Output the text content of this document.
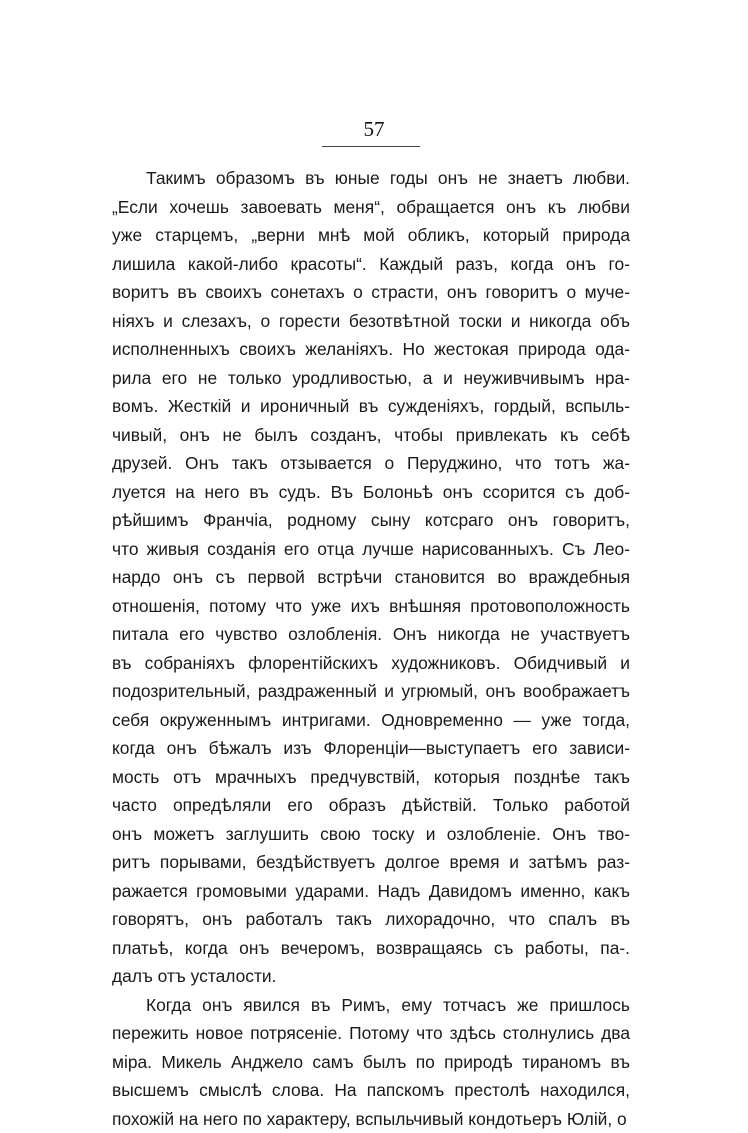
57
Такимъ образомъ въ юные годы онъ не знаетъ любви.
„Если хочешь завоевать меня“, обращается онъ къ любви
уже старцемъ, „верни мнѣ мой обликъ, который природа
лишила какой-либо красоты“. Каждый разъ, когда онъ го-
воритъ въ своихъ сонетахъ о страсти, онъ говоритъ о муче-
ніяхъ и слезахъ, о горести безотвѣтной тоски и никогда объ
исполненныхъ своихъ желаніяхъ. Но жестокая природа ода-
рила его не только уродливостью, а и неуживчивымъ нра-
вомъ. Жесткій и ироничный въ сужденіяхъ, гордый, вспыль-
чивый, онъ не былъ созданъ, чтобы привлекать къ себѣ
друзей. Онъ такъ отзывается о Перуджино, что тотъ жа-
луется на него въ судъ. Въ Болоньѣ онъ ссорится съ доб-
рѣйшимъ Франчіа, родному сыну котсраго онъ говоритъ,
что живыя созданія его отца лучше нарисованныхъ. Съ Лео-
нардо онъ съ первой встрѣчи становится во враждебныя
отношенія, потому что уже ихъ внѣшняя протовоположность
питала его чувство озлобленія. Онъ никогда не участвуетъ
въ собраніяхъ флорентійскихъ художниковъ. Обидчивый и
подозрительный, раздраженный и угрюмый, онъ воображаетъ
себя окруженнымъ интригами. Одновременно — уже тогда,
когда онъ бѣжалъ изъ Флоренціи—выступаетъ его зависи-
мость отъ мрачныхъ предчувствій, которыя позднѣе такъ
часто опредѣляли его образъ дѣйствій. Только работой
онъ можетъ заглушить свою тоску и озлобленіе. Онъ тво-
ритъ порывами, бездѣйствуетъ долгое время и затѣмъ раз-
ражается громовыми ударами. Надъ Давидомъ именно, какъ
говорятъ, онъ работалъ такъ лихорадочно, что спалъ въ
платьѣ, когда онъ вечеромъ, возвращаясь съ работы, па-.
далъ отъ усталости.
Когда онъ явился въ Римъ, ему тотчасъ же пришлось
пережить новое потрясеніе. Потому что здѣсь столнулись два
міра. Микель Анджело самъ былъ по природѣ тираномъ въ
высшемъ смыслѣ слова. На папскомъ престолѣ находился,
похожій на него по характеру, вспыльчивый кондотьеръ Юлій, о
